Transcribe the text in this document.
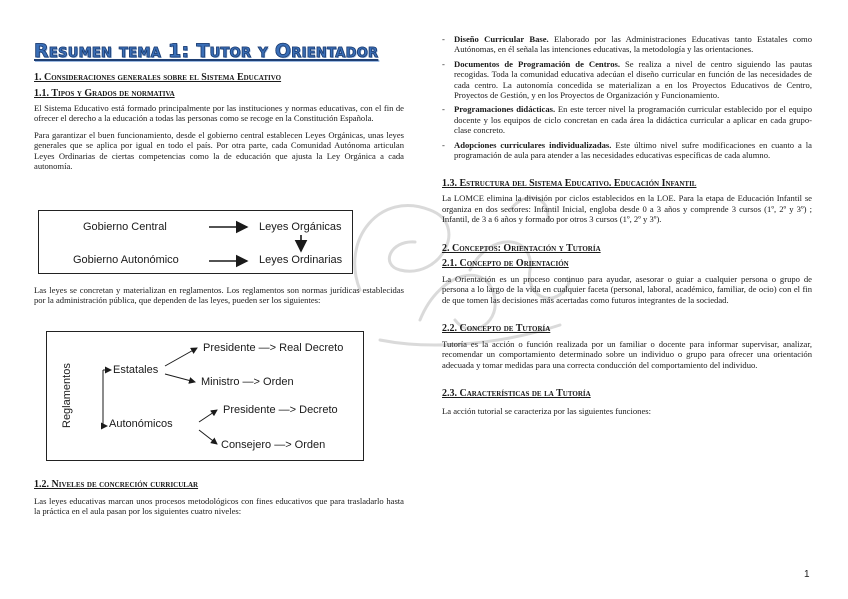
Resumen tema 1: Tutor y Orientador
1. Consideraciones generales sobre el Sistema Educativo
1.1. Tipos y Grados de normativa

El Sistema Educativo está formado principalmente por las instituciones y normas educativas, con el fin de ofrecer el derecho a la educación a todas las personas como se recoge en la Constitución Española.

Para garantizar el buen funcionamiento, desde el gobierno central establecen Leyes Orgánicas, unas leyes generales que se aplica por igual en todo el país. Por otra parte, cada Comunidad Autónoma articulan Leyes Ordinarias de ciertas competencias como la de educación que ajusta la Ley Orgánica a cada autonomía.

Gobierno Central	Leyes Orgánicas
Gobierno Autonómico	Leyes Ordinarias

Las leyes se concretan y materializan en reglamentos. Los reglamentos son normas jurídicas establecidas por la administración pública, que dependen de las leyes, pueden ser los siguientes:

Reglamentos	Estatales
Autonómicos
Presidente —> Real Decreto
Ministro —> Orden
Presidente —> Decreto
Consejero —> Orden
1.2. Niveles de concreción curricular

Las leyes educativas marcan unos procesos metodológicos con fines educativos que para trasladarlo hasta la práctica en el aula pasan por los siguientes cuatro niveles:

- Diseño Curricular Base. Elaborado por las Administraciones Educativas tanto Estatales como Autónomas, en él señala las intenciones educativas, la metodología y las orientaciones.
- Documentos de Programación de Centros. Se realiza a nivel de centro siguiendo las pautas recogidas. Toda la comunidad educativa adecúan el diseño curricular en función de las necesidades de cada centro. La autonomía concedida se materializan a en los Proyectos Educativos de Centro, Proyectos de Gestión, y en los Proyectos de Organización y Funcionamiento.
- Programaciones didácticas. En este tercer nivel la programación curricular establecido por el equipo docente y los equipos de ciclo concretan en cada área la didáctica curricular a aplicar en cada grupo-clase concreto.
- Adopciones curriculares individualizadas. Este último nivel sufre modificaciones en cuanto a la programación de aula para atender a las necesidades educativas específicas de cada alumno.
1.3. Estructura del Sistema Educativo. Educación Infantil

La LOMCE elimina la división por ciclos establecidos en la LOE. Para la etapa de Educación Infantil se organiza en dos sectores: Infantil Inicial, engloba desde 0 a 3 años y comprende 3 cursos (1º, 2º y 3º) ; Infantil, de 3 a 6 años y formado por otros 3 cursos (1º, 2º y 3º).

2. Conceptos: Orientación y Tutoría
2.1. Concepto de Orientación

La Orientación es un proceso continuo para ayudar, asesorar o guiar a cualquier persona o grupo de persona a lo largo de la vida en cualquier faceta (personal, laboral, académico, familiar, de ocio) con el fin de que tomen las decisiones más acertadas como futuros integrantes de la sociedad.

2.2. Concepto de Tutoría

Tutoría es la acción o función realizada por un familiar o docente para informar supervisar, analizar, recomendar un comportamiento determinado sobre un individuo o grupo para ofrecer una orientación adecuada y tomar medidas para una correcta conducción del comportamiento del individuo.

2.3. Características de la Tutoría

La acción tutorial se caracteriza por las siguientes funciones:

1
